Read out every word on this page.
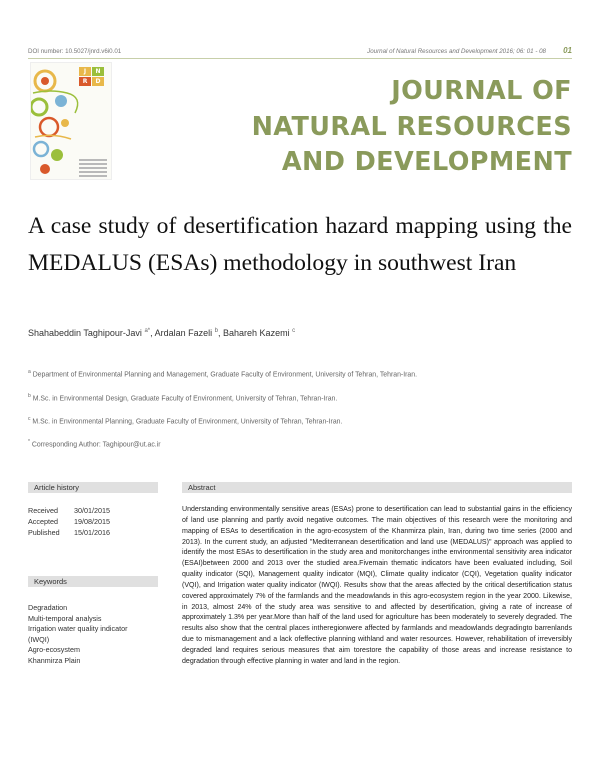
DOI number: 10.5027/jnrd.v6i0.01	Journal of Natural Resources and Development 2016; 06: 01 - 08 01
J	N
R	D	JOURNAL OF
NATURAL RESOURCES
AND DEVELOPMENT
A case study of desertification hazard mapping using the MEDALUS (ESAs) methodology in southwest Iran
Shahabeddin Taghipour-Javi $^{a*}$, Ardalan Fazeli $^b$, Bahareh Kazemi $^c$
$^a$ Department of Environmental Planning and Management, Graduate Faculty of Environment, University of Tehran, Tehran-Iran.
$^b$ M.Sc. in Environmental Design, Graduate Faculty of Environment, University of Tehran, Tehran-Iran.
$^c$ M.Sc. in Environmental Planning, Graduate Faculty of Environment, University of Tehran, Tehran-Iran.
* Corresponding Author: Taghipour@ut.ac.ir
Article history
Received	30/01/2015
Accepted	19/08/2015
Published	15/01/2016
Keywords
Degradation
Multi-temporal analysis
Irrigation water quality indicator
(IWQI)
Agro-ecosystem
Khanmirza Plain
Abstract

Understanding environmentally sensitive areas (ESAs) prone to desertification can lead to substantial gains in the efficiency of land use planning and partly avoid negative outcomes. The main objectives of this research were the monitoring and mapping of ESAs to desertification in the agro-ecosystem of the Khanmirza plain, Iran, during two time series (2000 and 2013). In the current study, an adjusted "Mediterranean desertification and land use (MEDALUS)" approach was applied to identify the most ESAs to desertification in the study area and monitorchanges inthe environmental sensitivity area indicator (ESAI)between 2000 and 2013 over the studied area.Fivemain thematic indicators have been evaluated including, Soil quality indicator (SQI), Management quality indicator (MQI), Climate quality indicator (CQI), Vegetation quality indicator (VQI), and Irrigation water quality indicator (IWQI). Results show that the areas affected by the critical desertification status covered approximately 7% of the farmlands and the meadowlands in this agro-ecosystem region in the year 2000. Likewise, in 2013, almost 24% of the study area was sensitive to and affected by desertification, giving a rate of increase of approximately 1.3% per year.More than half of the land used for agriculture has been moderately to severely degraded. The results also show that the central places intheregionwere affected by farmlands and meadowlands degradingto barrenlands due to mismanagement and a lack ofeffective planning withland and water resources. However, rehabilitation of irreversibly degraded land requires serious measures that aim torestore the capability of those areas and increase resistance to degradation through effective planning in water and land in the region.
